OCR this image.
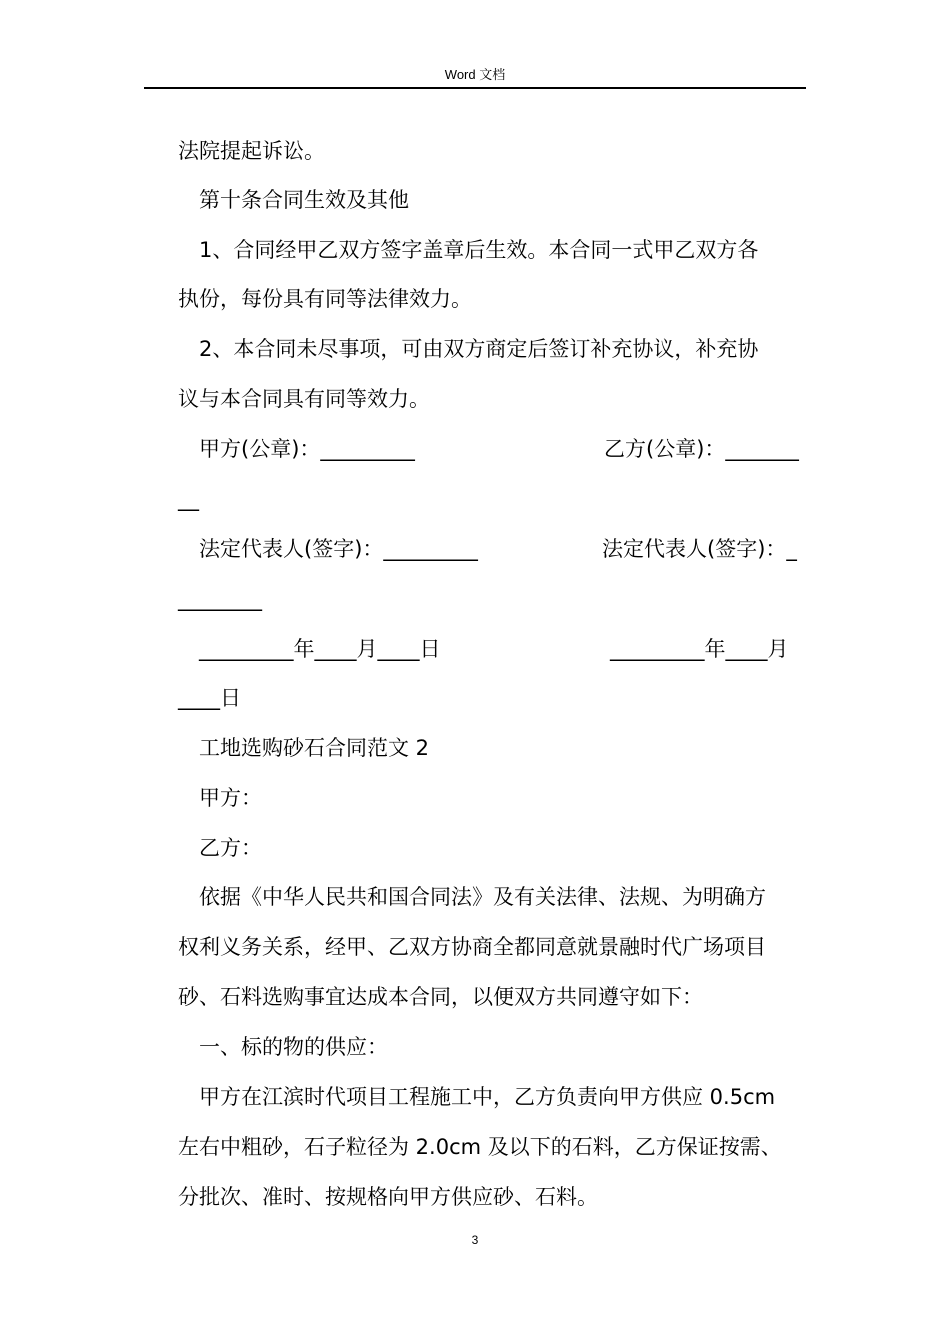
Word 文档
法院提起诉讼。
第十条合同生效及其他
1、合同经甲乙双方签字盖章后生效。本合同一式甲乙双方各
执份，每份具有同等法律效力。
2、本合同未尽事项，可由双方商定后签订补充协议，补充协
议与本合同具有同等效力。
甲方(公章)：_________	乙方(公章)：_______
__
法定代表人(签字)：_________	法定代表人(签字)：_
________
_________年____月____日	_________年____月
____日
工地选购砂石合同范文 2
甲方：
乙方：
依据《中华人民共和国合同法》及有关法律、法规、为明确方
权利义务关系，经甲、乙双方协商全都同意就景融时代广场项目
砂、石料选购事宜达成本合同，以便双方共同遵守如下：
一、标的物的供应：
甲方在江滨时代项目工程施工中，乙方负责向甲方供应 0.5cm
左右中粗砂，石子粒径为 2.0cm 及以下的石料，乙方保证按需、
分批次、准时、按规格向甲方供应砂、石料。
3
